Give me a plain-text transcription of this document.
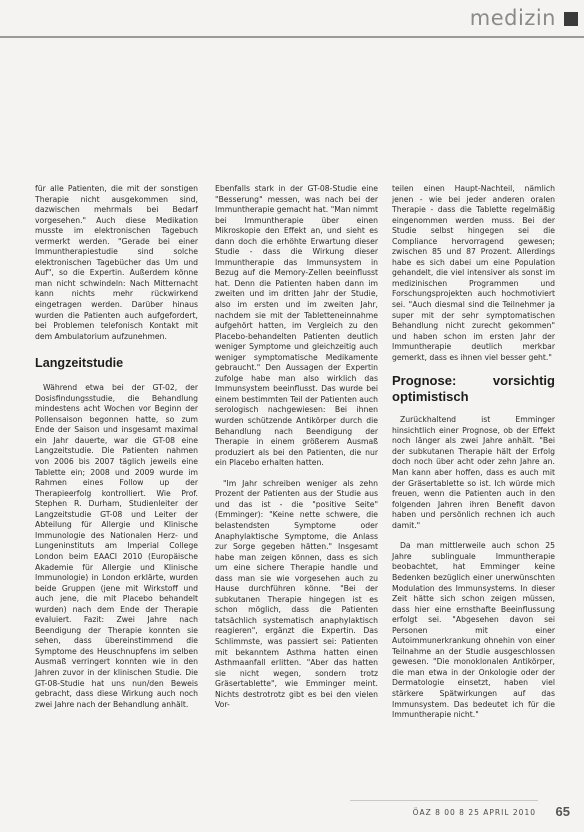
medizin

für alle Patienten, die mit der sonstigen Therapie nicht ausgekommen sind, dazwischen mehrmals bei Bedarf vorgesehen." Auch diese Medikation musste im elektronischen Tagebuch vermerkt werden. "Gerade bei einer Immuntherapiestudie sind solche elektronischen Tagebücher das Um und Auf", so die Expertin. Außerdem könne man nicht schwindeln: Nach Mitternacht kann nichts mehr rückwirkend eingetragen werden. Darüber hinaus wurden die Patienten auch aufgefordert, bei Problemen telefonisch Kontakt mit dem Ambulatorium aufzunehmen.

Langzeitstudie

Während etwa bei der GT-02, der Dosisfindungsstudie, die Behandlung mindestens acht Wochen vor Beginn der Pollensaison begonnen hatte, so zum Ende der Saison und insgesamt maximal ein Jahr dauerte, war die GT-08 eine Langzeitstudie. Die Patienten nahmen von 2006 bis 2007 täglich jeweils eine Tablette ein; 2008 und 2009 wurde im Rahmen eines Follow up der Therapieerfolg kontrolliert. Wie Prof. Stephen R. Durham, Studienleiter der Langzeitstudie GT-08 und Leiter der Abteilung für Allergie und Klinische Immunologie des Nationalen Herz- und Lungeninstituts am Imperial College London beim EAACI 2010 (Europäische Akademie für Allergie und Klinische Immunologie) in London erklärte, wurden beide Gruppen (jene mit Wirkstoff und auch jene, die mit Placebo behandelt wurden) nach dem Ende der Therapie evaluiert. Fazit: Zwei Jahre nach Beendigung der Therapie konnten sie sehen, dass übereinstimmend die Symptome des Heuschnupfens im selben Ausmaß verringert konnten wie in den Jahren zuvor in der klinischen Studie. Die GT-08-Studie hat uns nun/den Beweis gebracht, dass diese Wirkung auch noch zwei Jahre nach der Behandlung anhält.

Ebenfalls stark in der GT-08-Studie eine "Besserung" messen, was nach bei der Immuntherapie gemacht hat. "Man nimmt bei Immuntherapie über einen Mikroskopie den Effekt an, und sieht es dann doch die erhöhte Erwartung dieser Studie - dass die Wirkung dieser Immuntherapie das Immunsystem in Bezug auf die Memory-Zellen beeinflusst hat. Denn die Patienten haben dann im zweiten und im dritten Jahr der Studie, also im ersten und im zweiten Jahr, nachdem sie mit der Tabletteneinnahme aufgehört hatten, im Vergleich zu den Placebo-behandelten Patienten deutlich weniger Symptome und gleichzeitig auch weniger symptomatische Medikamente gebraucht." Den Aussagen der Expertin zufolge habe man also wirklich das Immunsystem beeinflusst. Das wurde bei einem bestimmten Teil der Patienten auch serologisch nachgewiesen: Bei ihnen wurden schützende Antikörper durch die Behandlung nach Beendigung der Therapie in einem größerem Ausmaß produziert als bei den Patienten, die nur ein Placebo erhalten hatten.

"Im Jahr schreiben weniger als zehn Prozent der Patienten aus der Studie aus und das ist - die "positive Seite" (Emminger): "Keine nette schwere, die belastendsten Symptome oder Anaphylaktische Symptome, die Anlass zur Sorge gegeben hätten." Insgesamt habe man zeigen können, dass es sich um eine sichere Therapie handle und dass man sie wie vorgesehen auch zu Hause durchführen könne. "Bei der subkutanen Therapie hingegen ist es schon möglich, dass die Patienten tatsächlich systematisch anaphylaktisch reagieren", ergänzt die Expertin. Das Schlimmste, was passiert sei: Patienten mit bekanntem Asthma hatten einen Asthmaanfall erlitten. "Aber das hatten sie nicht wegen, sondern trotz Gräsertablette", wie Emminger meint. Nichts destrotrotz gibt es bei den vielen Vor-

teilen einen Haupt-Nachteil, nämlich jenen - wie bei jeder anderen oralen Therapie - dass die Tablette regelmäßig eingenommen werden muss. Bei der Studie selbst hingegen sei die Compliance hervorragend gewesen; zwischen 85 und 87 Prozent. Allerdings habe es sich dabei um eine Population gehandelt, die viel intensiver als sonst im medizinischen Programmen und Forschungsprojekten auch hochmotiviert sei. "Auch diesmal sind die Teilnehmer ja super mit der sehr symptomatischen Behandlung nicht zurecht gekommen" und haben schon im ersten Jahr der Immuntherapie deutlich merkbar gemerkt, dass es ihnen viel besser geht."

Prognose: vorsichtig optimistisch

Zurückhaltend ist Emminger hinsichtlich einer Prognose, ob der Effekt noch länger als zwei Jahre anhält. "Bei der subkutanen Therapie hält der Erfolg doch noch über acht oder zehn Jahre an. Man kann aber hoffen, dass es auch mit der Gräsertablette so ist. Ich würde mich freuen, wenn die Patienten auch in den folgenden Jahren ihren Benefit davon haben und persönlich rechnen ich auch damit."

Da man mittlerweile auch schon 25 Jahre sublinguale Immuntherapie beobachtet, hat Emminger keine Bedenken bezüglich einer unerwünschten Modulation des Immunsystems. In dieser Zeit hätte sich schon zeigen müssen, dass hier eine ernsthafte Beeinflussung erfolgt sei. "Abgesehen davon sei Personen mit einer Autoimmunerkrankung ohnehin von einer Teilnahme an der Studie ausgeschlossen gewesen. "Die monoklonalen Antikörper, die man etwa in der Onkologie oder der Dermatologie einsetzt, haben viel stärkere Spätwirkungen auf das Immunsystem. Das bedeutet ich für die Immuntherapie nicht."

ÖAZ 8 00 8 25 APRIL 2010 65
